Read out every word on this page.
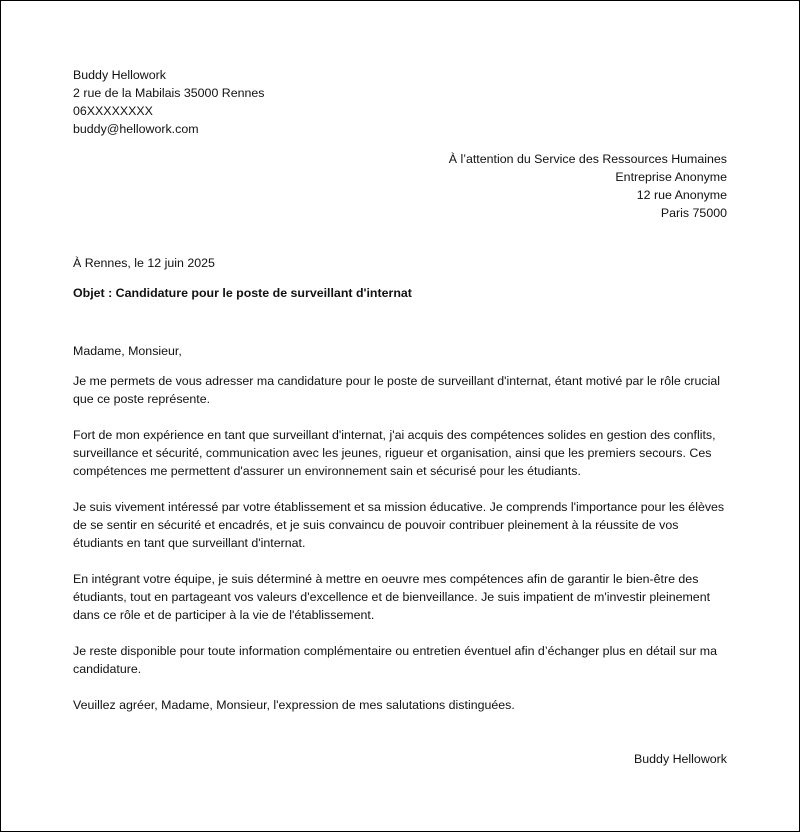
Buddy Hellowork
2 rue de la Mabilais 35000 Rennes
06XXXXXXXX
buddy@hellowork.com
À l’attention du Service des Ressources Humaines
Entreprise Anonyme
12 rue Anonyme
Paris 75000
À Rennes, le 12 juin 2025
Objet : Candidature pour le poste de surveillant d'internat

Madame, Monsieur,

Je me permets de vous adresser ma candidature pour le poste de surveillant d'internat, étant motivé par le rôle crucial que ce poste représente.

Fort de mon expérience en tant que surveillant d'internat, j'ai acquis des compétences solides en gestion des conflits, surveillance et sécurité, communication avec les jeunes, rigueur et organisation, ainsi que les premiers secours. Ces compétences me permettent d'assurer un environnement sain et sécurisé pour les étudiants.

Je suis vivement intéressé par votre établissement et sa mission éducative. Je comprends l'importance pour les élèves de se sentir en sécurité et encadrés, et je suis convaincu de pouvoir contribuer pleinement à la réussite de vos étudiants en tant que surveillant d'internat.

En intégrant votre équipe, je suis déterminé à mettre en oeuvre mes compétences afin de garantir le bien-être des étudiants, tout en partageant vos valeurs d'excellence et de bienveillance. Je suis impatient de m'investir pleinement dans ce rôle et de participer à la vie de l'établissement.

Je reste disponible pour toute information complémentaire ou entretien éventuel afin d’échanger plus en détail sur ma candidature.

Veuillez agréer, Madame, Monsieur, l'expression de mes salutations distinguées.

Buddy Hellowork
